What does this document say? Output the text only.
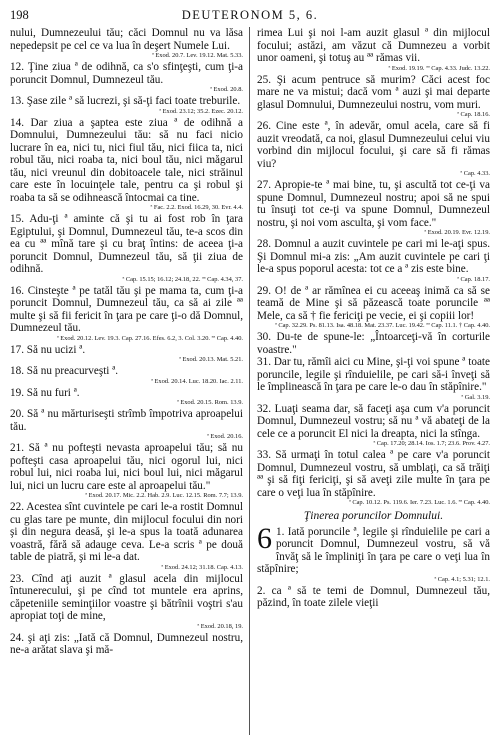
198	DEUTERONOM 5, 6.
nului, Dumnezeului tău; căci Domnul nu va lăsa nepedepsit pe cel ce va lua în deşert Numele Lui.
ª Exod. 20.7. Lev. 19.12. Mat. 5.33.
12. Ţine ziua ª de odihnă, ca s'o sfinţeşti, cum ţi-a poruncit Domnul, Dumnezeul tău.
ª Exod. 20.8.
13. Şase zile ª să lucrezi, şi să-ţi faci toate treburile.
ª Exod. 23.12; 35.2. Ezec. 20.12.
14. Dar ziua a şaptea este ziua ª de odihnă a Domnului, Dumnezeului tău: să nu faci nicio lucrare în ea, nici tu, nici fiul tău, nici fiica ta, nici robul tău, nici roaba ta, nici boul tău, nici măgarul tău, nici vreunul din dobitoacele tale, nici străinul care este în locuinţele tale, pentru ca şi robul şi roaba ta să se odihnească întocmai ca tine.
ª Fac. 2.2. Exod. 16.29, 30. Evr. 4.4.
15. Adu-ţi ª aminte că şi tu ai fost rob în ţara Egiptului, şi Domnul, Dumnezeul tău, te-a scos din ea cu ªª mînă tare şi cu braţ întins: de aceea ţi-a poruncit Domnul, Dumnezeul tău, să ţii ziua de odihnă.
ª Cap. 15.15; 16.12; 24.18, 22. ªª Cap. 4.34, 37.
16. Cinsteşte ª pe tatăl tău şi pe mama ta, cum ţi-a poruncit Domnul, Dumnezeul tău, ca să ai zile ªª multe şi să fii fericit în ţara pe care ţi-o dă Domnul, Dumnezeul tău.
ª Exod. 20.12. Lev. 19.3. Cap. 27.16. Efes. 6.2, 3. Col. 3.20. ªª Cap. 4.40.
17. Să nu ucizi ª.
ª Exod. 20.13. Mat. 5.21.
18. Să nu preacurveşti ª.
ª Exod. 20.14. Luc. 18.20. Iac. 2.11.
19. Să nu furi ª.
ª Exod. 20.15. Rom. 13.9.
20. Să ª nu mărturiseşti strîmb împotriva aproapelui tău.
ª Exod. 20.16.
21. Să ª nu pofteşti nevasta aproapelui tău; să nu pofteşti casa aproapelui tău, nici ogorul lui, nici robul lui, nici roaba lui, nici boul lui, nici măgarul lui, nici un lucru care este al aproapelui tău."
ª Exod. 20.17. Mic. 2.2. Hab. 2.9. Luc. 12.15. Rom. 7.7; 13.9.
22. Acestea sînt cuvintele pe cari le-a rostit Domnul cu glas tare pe munte, din mijlocul focului din nori şi din negura deasă, şi le-a spus la toată adunarea voastră, fără să adauge ceva. Le-a scris ª pe două table de piatră, şi mi le-a dat.
ª Exod. 24.12; 31.18. Cap. 4.13.
23. Cînd aţi auzit ª glasul acela din mijlocul întunerecului, şi pe cînd tot muntele era aprins, căpeteniile seminţiilor voastre şi bătrînii voştri s'au apropiat toţi de mine,
ª Exod. 20.18, 19.
24. şi aţi zis: „Iată că Domnul, Dumnezeul nostru, ne-a arătat slava şi mă-
rimea Lui şi noi l-am auzit glasul ª din mijlocul focului; astăzi, am văzut că Dumnezeu a vorbit unor oameni, şi totuş au ªª rămas vii.
ª Exod. 19.19. ªª Cap. 4.33. Judc. 13.22.
25. Şi acum pentruce să murim? Căci acest foc mare ne va mistui; dacă vom ª auzi şi mai departe glasul Domnului, Dumnezeului nostru, vom muri.
ª Cap. 18.16.
26. Cine este ª, în adevăr, omul acela, care să fi auzit vreodată, ca noi, glasul Dumnezeului celui viu vorbind din mijlocul focului, şi care să fi rămas viu?
ª Cap. 4.33.
27. Apropie-te ª mai bine, tu, şi ascultă tot ce-ţi va spune Domnul, Dumnezeul nostru; apoi să ne spui tu însuţi tot ce-ţi va spune Domnul, Dumnezeul nostru, şi noi vom asculta, şi vom face."
ª Exod. 20.19. Evr. 12.19.
28. Domnul a auzit cuvintele pe cari mi le-aţi spus. Şi Domnul mi-a zis: „Am auzit cuvintele pe cari ţi le-a spus poporul acesta: tot ce a ª zis este bine.
ª Cap. 18.17.
29. O! de ª ar rămînea ei cu aceeaş inimă ca să se teamă de Mine şi să păzească toate poruncile ªª Mele, ca să † fie fericiţi pe vecie, ei şi copiii lor!
ª Cap. 32.29. Ps. 81.13. Isa. 48.18. Mat. 23.37. Luc. 19.42. ªª Cap. 11.1. † Cap. 4.40.
30. Du-te de spune-le: „Întoarceţi-vă în corturile voastre."
31. Dar tu, rămîi aici cu Mine, şi-ţi voi spune ª toate poruncile, legile şi rînduielile, pe cari să-i înveţi să le împlinească în ţara pe care le-o dau în stăpînire."
ª Gal. 3.19.
32. Luaţi seama dar, să faceţi aşa cum v'a poruncit Domnul, Dumnezeul vostru; să nu ª vă abateţi de la cele ce a poruncit El nici la dreapta, nici la stînga.
ª Cap. 17.20; 28.14. Ios. 1.7; 23.6. Prov. 4.27.
33. Să urmaţi în totul calea ª pe care v'a poruncit Domnul, Dumnezeul vostru, să umblaţi, ca să trăiţi ªª şi să fiţi fericiţi, şi să aveţi zile multe în ţara pe care o veţi lua în stăpînire.
ª Cap. 10.12. Ps. 119.6. Ier. 7.23. Luc. 1.6. ªª Cap. 4.40.
Ţinerea poruncilor Domnului.
6 1. Iată poruncile ª, legile şi rînduielile pe cari a poruncit Domnul, Dumnezeul vostru, să vă învăţ să le împliniţi în ţara pe care o veţi lua în stăpînire;
ª Cap. 4.1; 5.31; 12.1.
2. ca ª să te temi de Domnul, Dumnezeul tău, păzind, în toate zilele vieţii
